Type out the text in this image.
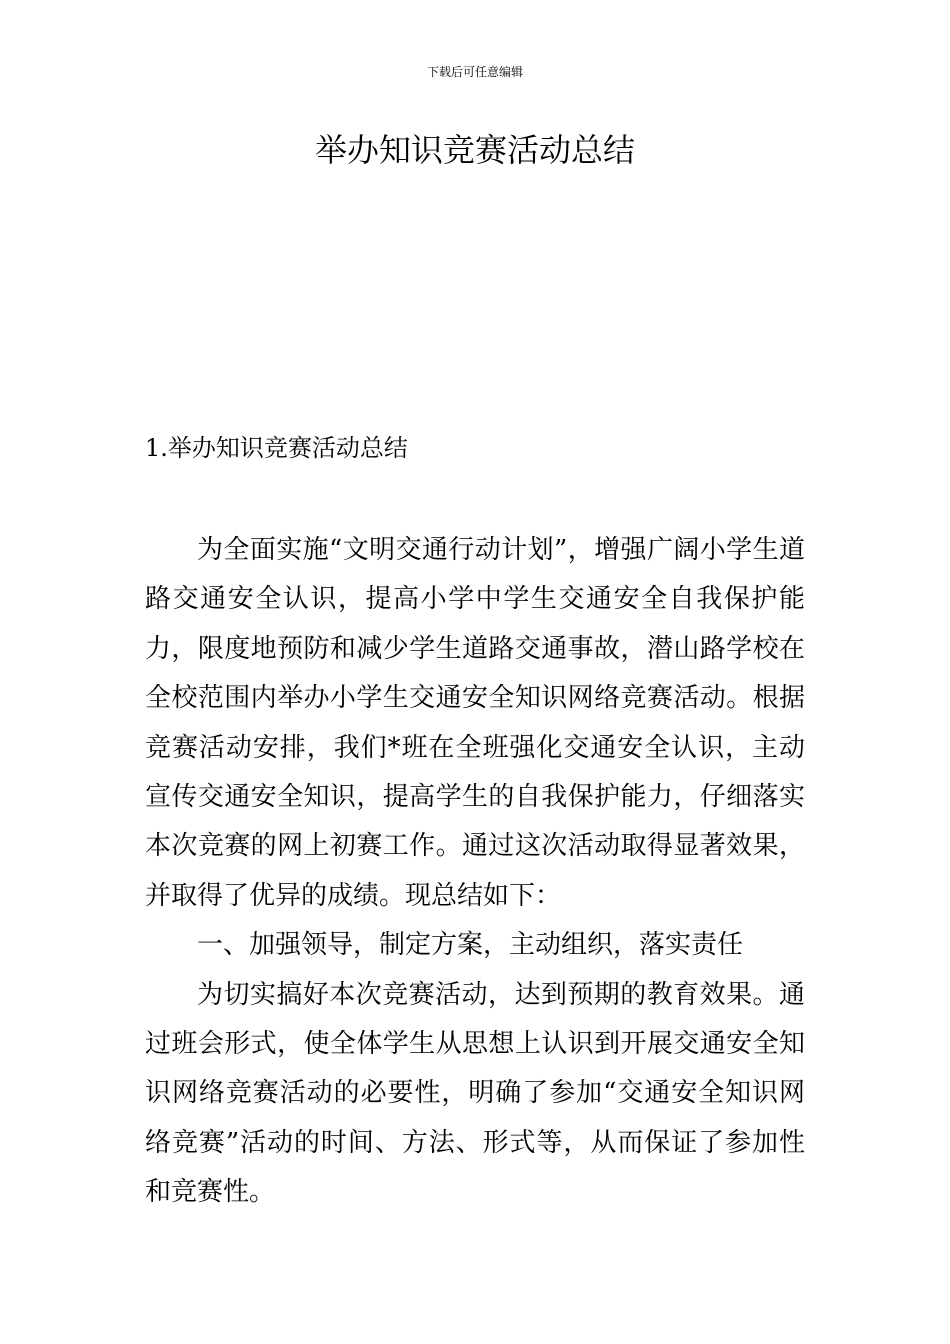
下载后可任意编辑
举办知识竞赛活动总结
1.举办知识竞赛活动总结

为全面实施“文明交通行动计划”，增强广阔小学生道路交通安全认识，提高小学中学生交通安全自我保护能力，限度地预防和减少学生道路交通事故，潜山路学校在全校范围内举办小学生交通安全知识网络竞赛活动。根据竞赛活动安排，我们*班在全班强化交通安全认识，主动宣传交通安全知识，提高学生的自我保护能力，仔细落实本次竞赛的网上初赛工作。通过这次活动取得显著效果，并取得了优异的成绩。现总结如下：

一、加强领导，制定方案，主动组织，落实责任

为切实搞好本次竞赛活动，达到预期的教育效果。通过班会形式，使全体学生从思想上认识到开展交通安全知识网络竞赛活动的必要性，明确了参加“交通安全知识网络竞赛”活动的时间、方法、形式等，从而保证了参加性和竞赛性。
